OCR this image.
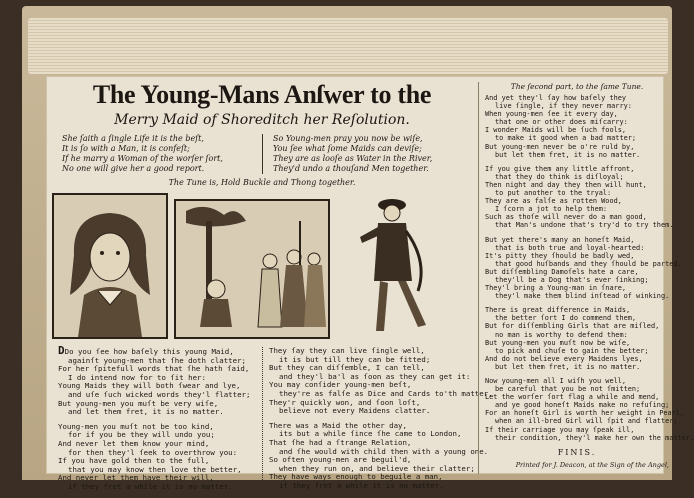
The Young-Mans Anſwer to the
Merry Maid of Shoreditch her Reſolution.
She ſaith a ſingle Life it is the beſt,
It is ſo with a Man, it is confeſt;
If he marry a Woman of the worſer ſort,
No one will give her a good report.
So Young-men pray you now be wiſe,
You ſee what ſome Maids can deviſe;
They are as looſe as Water in the River,
They'd undo a thouſand Men together.
The Tune is, Hold Buckle and Thong together.
DDo you ſee how baſely this young Maid,
againſt young-men that ſhe doth clatter;
For her ſpitefull words that ſhe hath ſaid,
I do intend now for to ſit her:
Young Maids they will both ſwear and lye,
and uſe ſuch wicked words they'l flatter;
But young-men you muſt be very wiſe,
and let them fret, it is no matter.
Young-men you muſt not be too kind,
for if you be they will undo you;
And never let them know your mind,
for then they'l ſeek to overthrow you:
If you have gold then to the full,
that you may know then love the better,
And never let them have their will,
if they fret a while it is no matter.
They ſay they can live ſingle well,
it is but till they can be fitted;
But they can diſſemble, I can tell,
and they'l ba'l as ſoon as they can get it:
You may conſider young-men beſt,
they're as falſe as Dice and Cards to'th matter,
They'r quickly won, and ſoon loſt,
believe not every Maidens clatter.
There was a Maid the other day,
its but a while ſince ſhe came to London,
That ſhe had a ſtrange Relation,
and ſhe would with child then with a young one.
So often young-men are beguil'd,
when they run on, and believe their clatter;
They have ways enough to beguile a man,
if they fret a while it is no matter.
The ſecond part, to the ſame Tune.
And yet they'l ſay how baſely they
live ſingle, if they never marry:
When young-men ſee it every day,
that one or other does miſcarry:
I wonder Maids will be ſuch fools,
to make it good when a bad matter;
But young-men never be o're ruld by,
but let them fret, it is no matter.
If you give them any little affront,
that they do think is diſloyal;
Then night and day they then will hunt,
to put another to the tryal:
They are as falſe as rotten Wood,
I ſcorn a jot to help them:
Such as thoſe will never do a man good,
that Man's undone that's try'd to try them.
But yet there's many an honeſt Maid,
that is both true and loyal-hearted:
It's pitty they ſhould be badly wed,
that good huſbands and they ſhould be parted.
But diſſembling Damoſels hate a care,
they'll be a Dog that's ever ſinking;
They'l bring a Young-man in ſnare,
they'l make them blind inſtead of winking.
There is great difference in Maids,
the better ſort I do commend them,
But for diſſembling Girls that are miſled,
no man is worthy to defend them:
But young-men you muſt now be wiſe,
to pick and chuſe to gain the better;
And do not believe every Maidens lyes,
but let them fret, it is no matter.
Now young-men all I wiſh you well,
be careful that you be not ſmitten;
Let the worſer ſort flag a while and mend,
and ye good honeſt Maids make no refuſing;
For an honeſt Girl is worth her weight in Pearl,
when an ill-bred Girl will ſpit and flatter;
If their carriage you may ſpeak ill,
their condition, they'l make her own the matter.
FINIS.
Printed for J. Deacon, at the Sign of the Angel,
